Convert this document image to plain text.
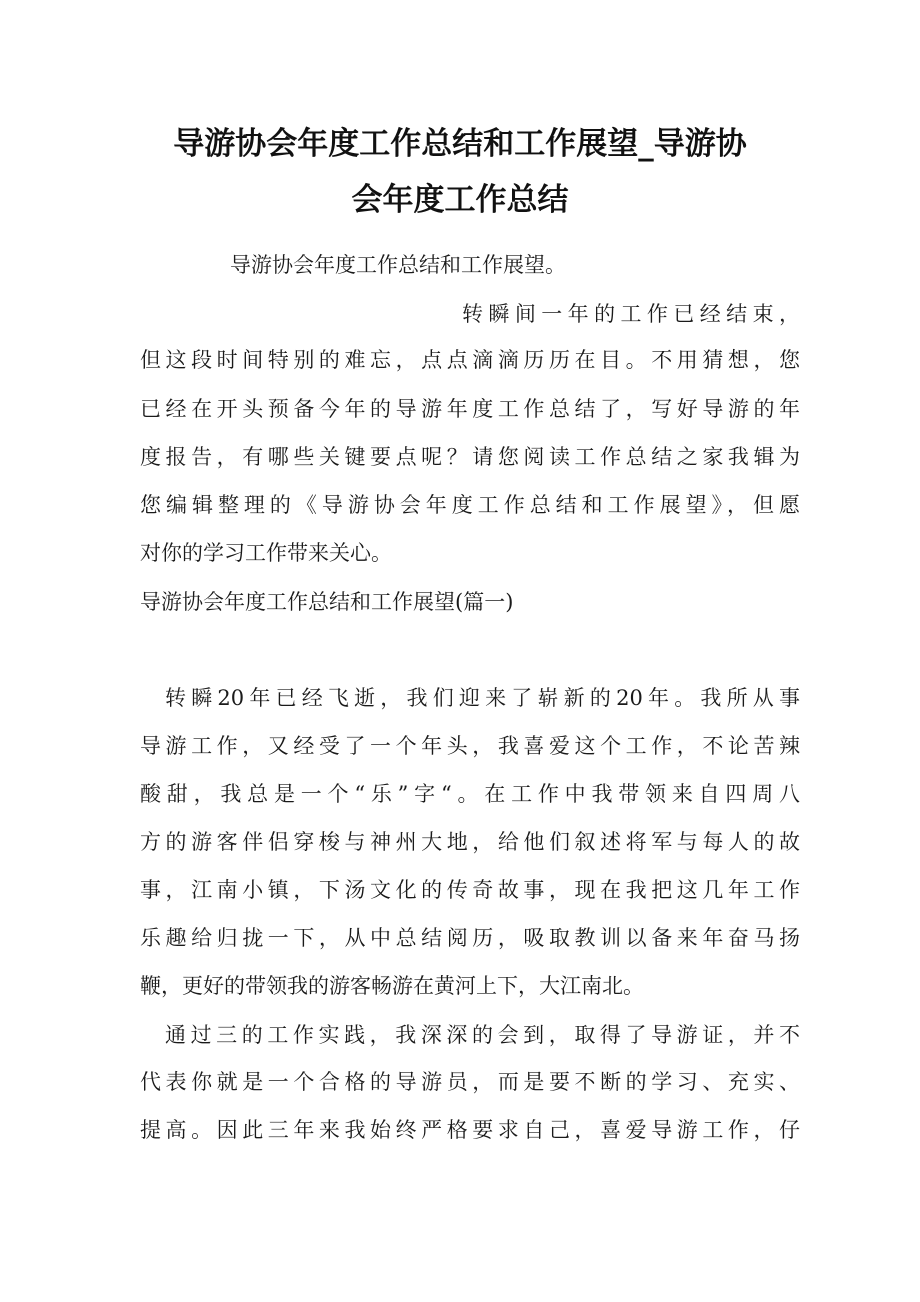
导游协会年度工作总结和工作展望_导游协
会年度工作总结
导游协会年度工作总结和工作展望。
转瞬间一年的工作已经结束，
但这段时间特别的难忘，点点滴滴历历在目。不用猜想，您
已经在开头预备今年的导游年度工作总结了，写好导游的年
度报告，有哪些关键要点呢？请您阅读工作总结之家我辑为
您编辑整理的《导游协会年度工作总结和工作展望》，但愿
对你的学习工作带来关心。
导游协会年度工作总结和工作展望(篇一)
转瞬20年已经飞逝，我们迎来了崭新的20年。我所从事
导游工作，又经受了一个年头，我喜爱这个工作，不论苦辣
酸甜，我总是一个“乐”字“。在工作中我带领来自四周八
方的游客伴侣穿梭与神州大地，给他们叙述将军与每人的故
事，江南小镇，下汤文化的传奇故事，现在我把这几年工作
乐趣给归拢一下，从中总结阅历，吸取教训以备来年奋马扬
鞭，更好的带领我的游客畅游在黄河上下，大江南北。
通过三的工作实践，我深深的会到，取得了导游证，并不
代表你就是一个合格的导游员，而是要不断的学习、充实、
提高。因此三年来我始终严格要求自己，喜爱导游工作，仔
